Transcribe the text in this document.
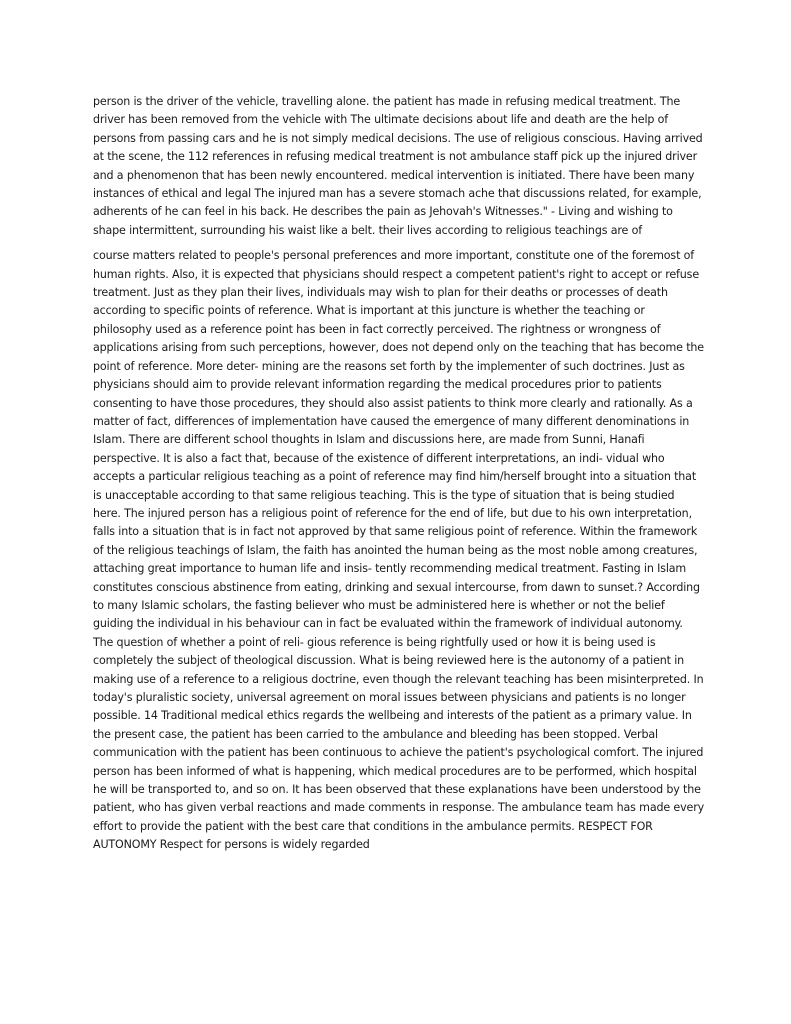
person is the driver of the vehicle, travelling alone. the patient has made in refusing medical treatment. The driver has been removed from the vehicle with The ultimate decisions about life and death are the help of persons from passing cars and he is not simply medical decisions. The use of religious conscious. Having arrived at the scene, the 112 references in refusing medical treatment is not ambulance staff pick up the injured driver and a phenomenon that has been newly encountered. medical intervention is initiated. There have been many instances of ethical and legal The injured man has a severe stomach ache that discussions related, for example, adherents of he can feel in his back. He describes the pain as Jehovah's Witnesses." - Living and wishing to shape intermittent, surrounding his waist like a belt. their lives according to religious teachings are of

course matters related to people's personal preferences and more important, constitute one of the foremost of human rights. Also, it is expected that physicians should respect a competent patient's right to accept or refuse treatment. Just as they plan their lives, individuals may wish to plan for their deaths or processes of death according to specific points of reference. What is important at this juncture is whether the teaching or philosophy used as a reference point has been in fact correctly perceived. The rightness or wrongness of applications arising from such perceptions, however, does not depend only on the teaching that has become the point of reference. More deter- mining are the reasons set forth by the implementer of such doctrines. Just as physicians should aim to provide relevant information regarding the medical procedures prior to patients consenting to have those procedures, they should also assist patients to think more clearly and rationally. As a matter of fact, differences of implementation have caused the emergence of many different denominations in Islam. There are different school thoughts in Islam and discussions here, are made from Sunni, Hanafi perspective. It is also a fact that, because of the existence of different interpretations, an indi- vidual who accepts a particular religious teaching as a point of reference may find him/herself brought into a situation that is unacceptable according to that same religious teaching. This is the type of situation that is being studied here. The injured person has a religious point of reference for the end of life, but due to his own interpretation, falls into a situation that is in fact not approved by that same religious point of reference. Within the framework of the religious teachings of Islam, the faith has anointed the human being as the most noble among creatures, attaching great importance to human life and insis- tently recommending medical treatment. Fasting in Islam constitutes conscious abstinence from eating, drinking and sexual intercourse, from dawn to sunset.? According to many Islamic scholars, the fasting believer who must be administered here is whether or not the belief guiding the individual in his behaviour can in fact be evaluated within the framework of individual autonomy. The question of whether a point of reli- gious reference is being rightfully used or how it is being used is completely the subject of theological discussion. What is being reviewed here is the autonomy of a patient in making use of a reference to a religious doctrine, even though the relevant teaching has been misinterpreted. In today's pluralistic society, universal agreement on moral issues between physicians and patients is no longer possible. 14 Traditional medical ethics regards the wellbeing and interests of the patient as a primary value. In the present case, the patient has been carried to the ambulance and bleeding has been stopped. Verbal communication with the patient has been continuous to achieve the patient's psychological comfort. The injured person has been informed of what is happening, which medical procedures are to be performed, which hospital he will be transported to, and so on. It has been observed that these explanations have been understood by the patient, who has given verbal reactions and made comments in response. The ambulance team has made every effort to provide the patient with the best care that conditions in the ambulance permits. RESPECT FOR AUTONOMY Respect for persons is widely regarded
